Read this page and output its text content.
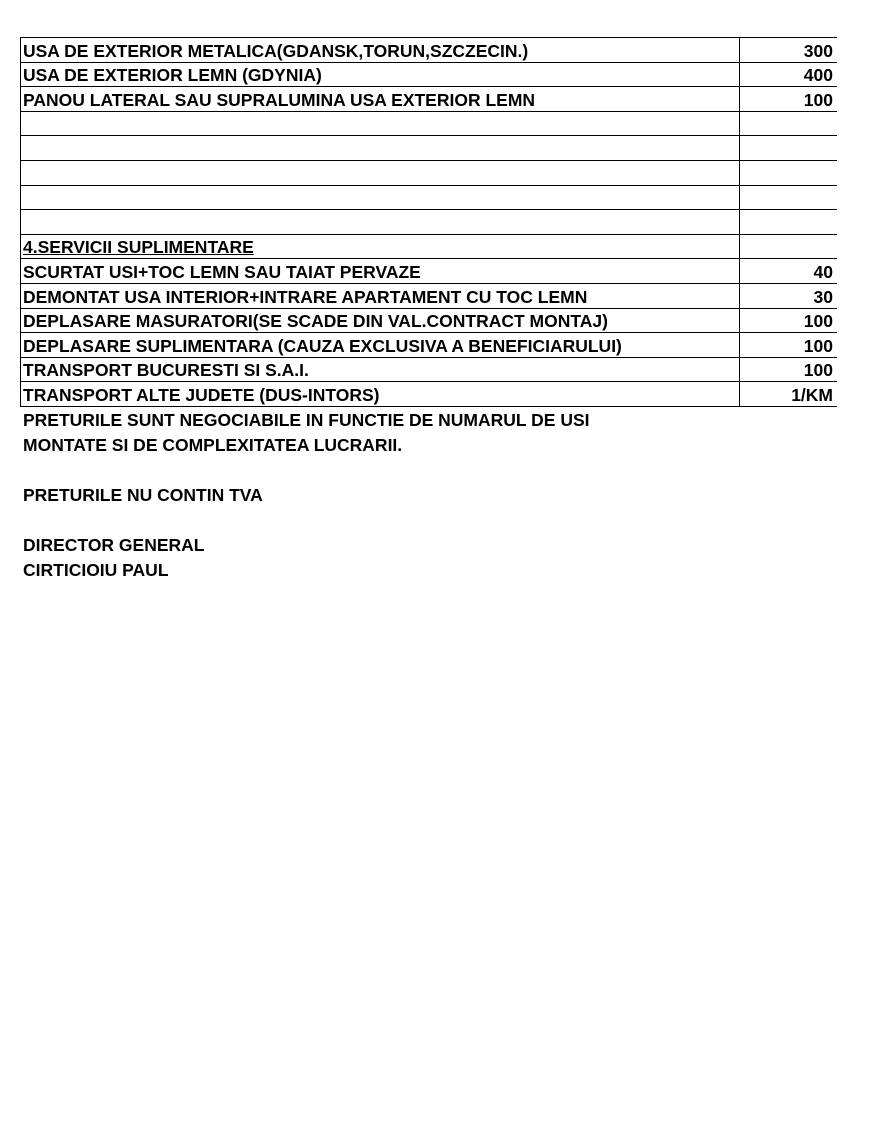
USA DE EXTERIOR METALICA(GDANSK,TORUN,SZCZECIN.)	300
USA DE EXTERIOR LEMN (GDYNIA)	400
PANOU LATERAL SAU SUPRALUMINA USA EXTERIOR LEMN	100

4.SERVICII SUPLIMENTARE	
SCURTAT USI+TOC LEMN SAU TAIAT PERVAZE	40
DEMONTAT USA INTERIOR+INTRARE APARTAMENT CU TOC LEMN	30
DEPLASARE MASURATORI(SE SCADE DIN VAL.CONTRACT MONTAJ)	100
DEPLASARE SUPLIMENTARA (CAUZA EXCLUSIVA A BENEFICIARULUI)	100
TRANSPORT BUCURESTI SI S.A.I.	100
TRANSPORT ALTE JUDETE (DUS-INTORS)	1/KM

PRETURILE SUNT NEGOCIABILE IN FUNCTIE DE NUMARUL DE USI

MONTATE SI DE COMPLEXITATEA LUCRARII.

PRETURILE NU CONTIN TVA

DIRECTOR GENERAL

CIRTICIOIU PAUL
